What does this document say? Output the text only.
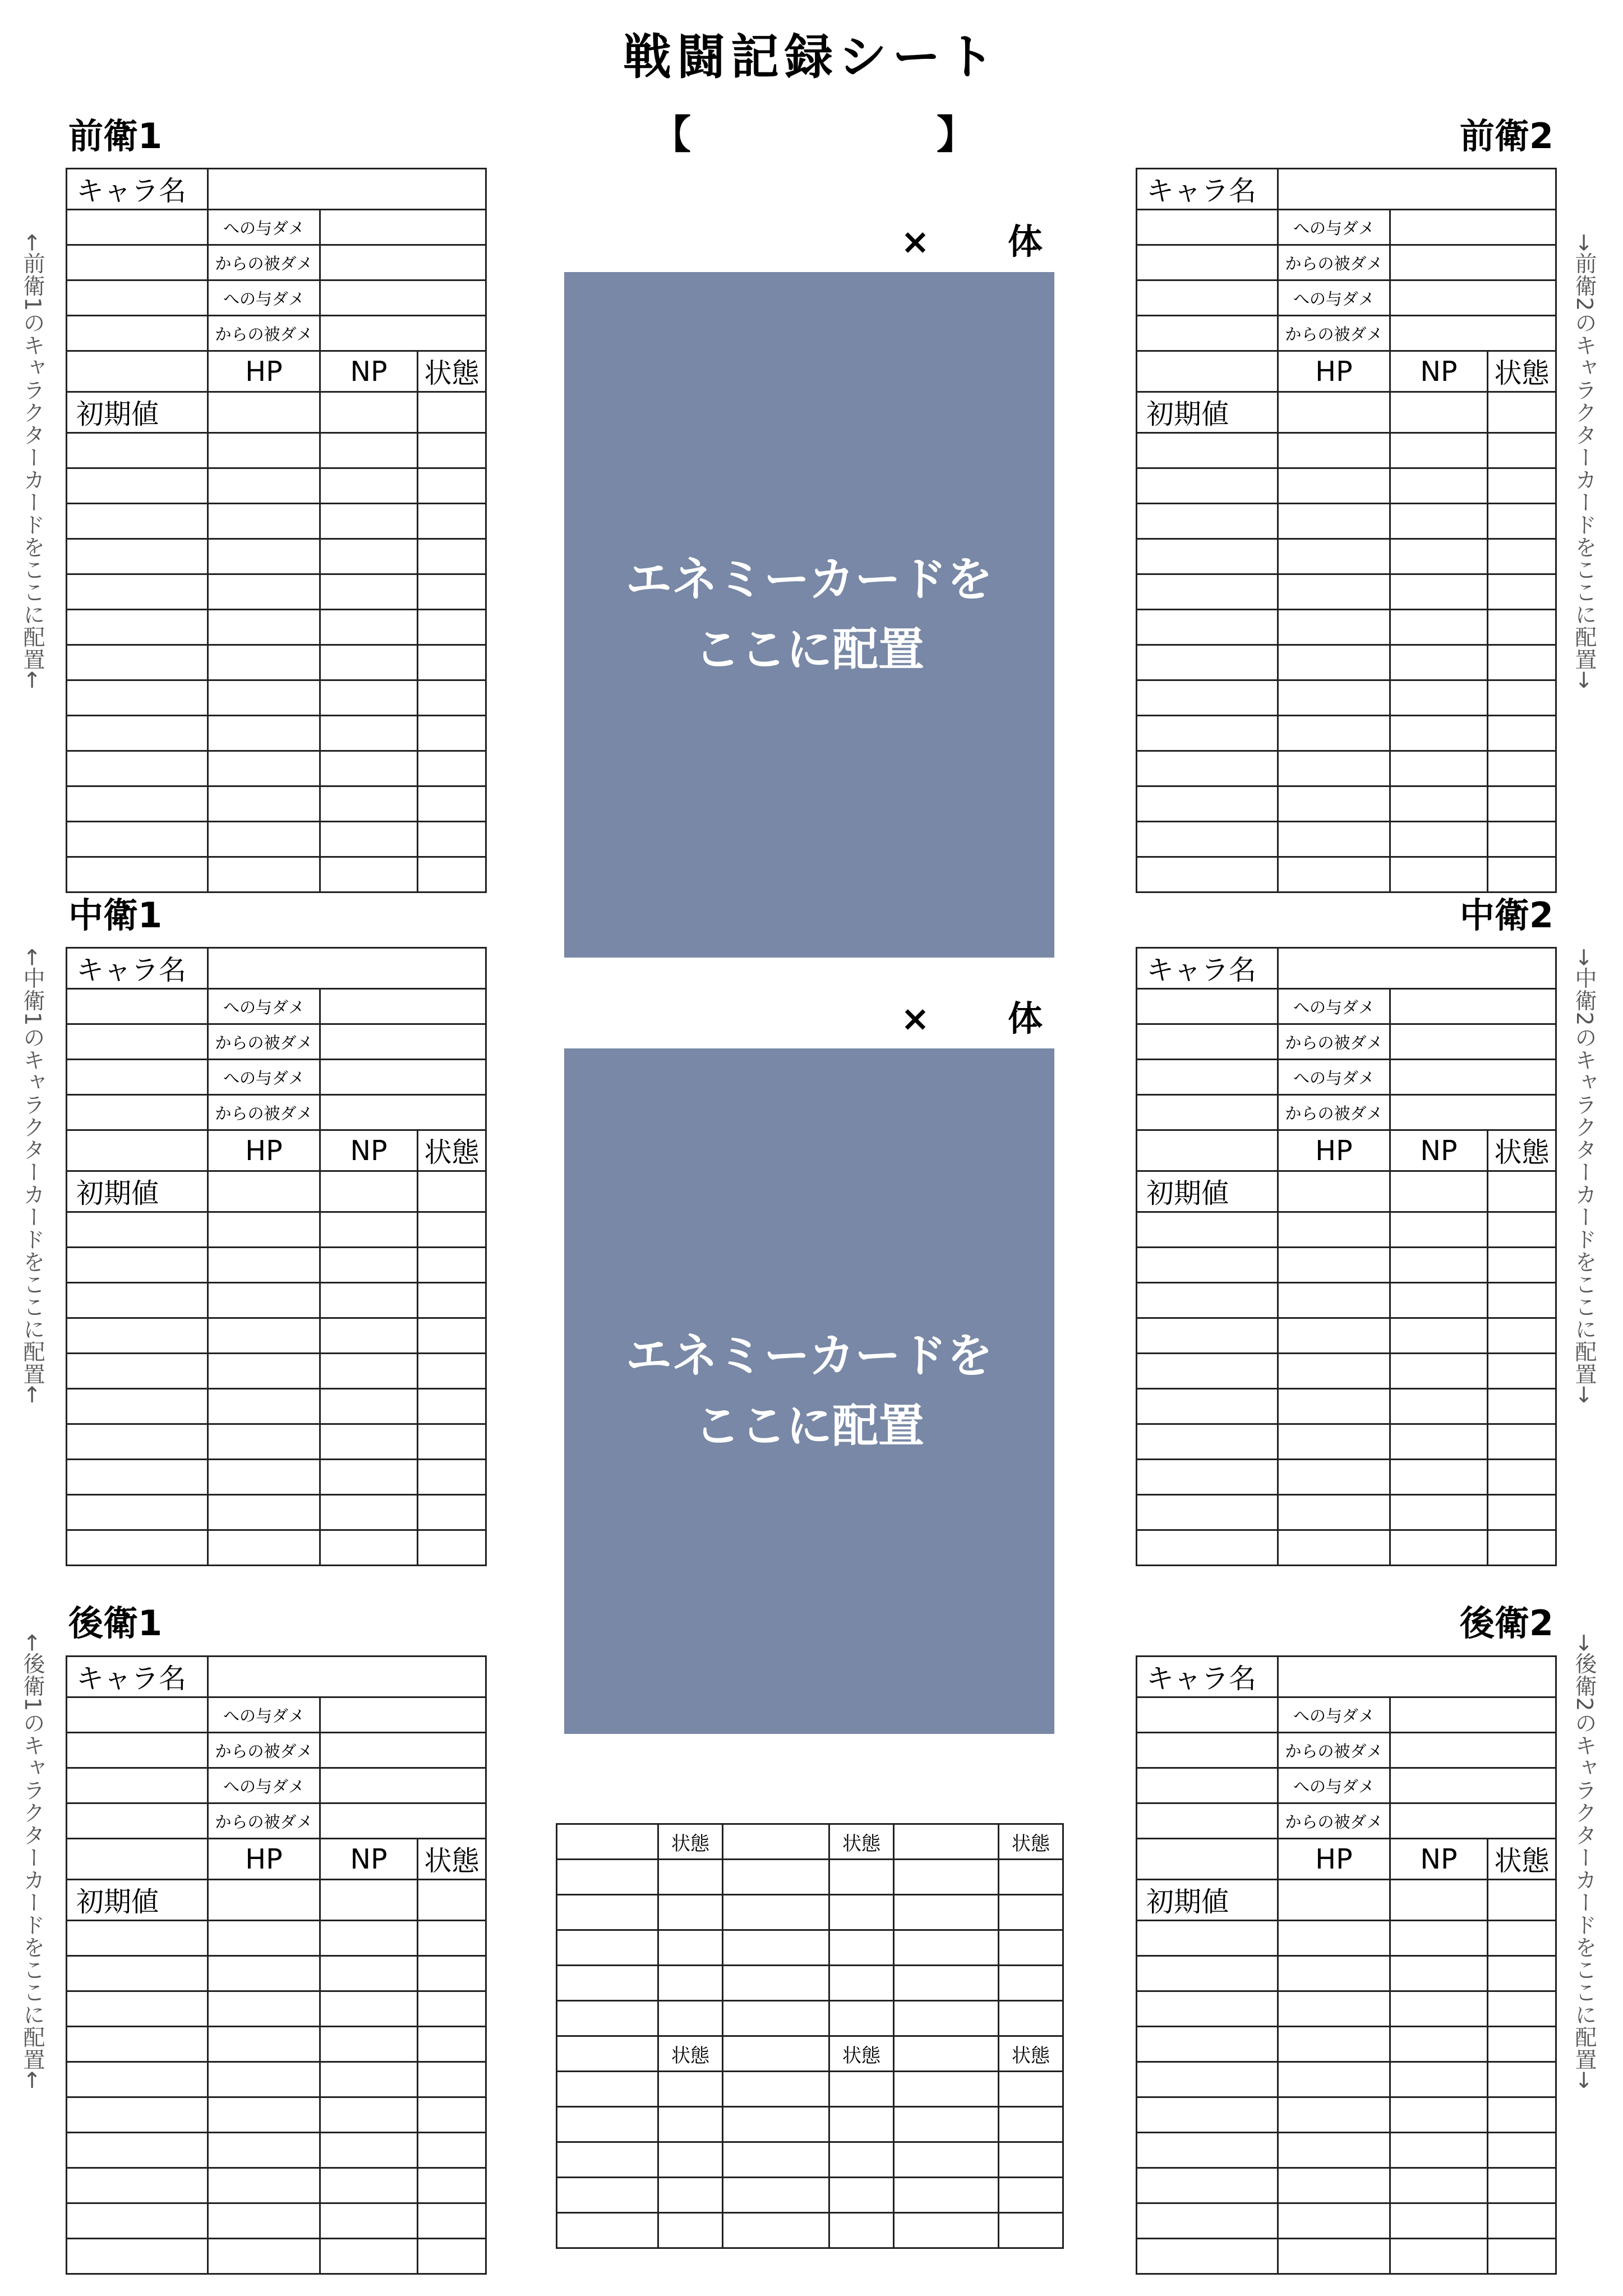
戦闘記録シート
【	】
前衛1	前衛2
中衛1	中衛2
後衛1	後衛2
× 体
× 体
エネミーカードを
ここに配置
エネミーカードを
ここに配置
←前衛1のキャラクターカードをここに配置←	→前衛2のキャラクターカードをここに配置→
←中衛1のキャラクターカードをここに配置←	→中衛2のキャラクターカードをここに配置→
←後衛1のキャラクターカードをここに配置←	→後衛2のキャラクターカードをここに配置→
キャラ名			
	への与ダメ		
	からの被ダメ		
	への与ダメ		
	からの被ダメ		
	HP	NP	状態
初期値			

キャラ名			
	への与ダメ		
	からの被ダメ		
	への与ダメ		
	からの被ダメ		
	HP	NP	状態
初期値			

キャラ名			
	への与ダメ		
	からの被ダメ		
	への与ダメ		
	からの被ダメ		
	HP	NP	状態
初期値			

キャラ名			
	への与ダメ		
	からの被ダメ		
	への与ダメ		
	からの被ダメ		
	HP	NP	状態
初期値			

キャラ名			
	への与ダメ		
	からの被ダメ		
	への与ダメ		
	からの被ダメ		
	HP	NP	状態
初期値			

キャラ名			
	への与ダメ		
	からの被ダメ		
	への与ダメ		
	からの被ダメ		
	HP	NP	状態
初期値			

	状態		状態		状態

	状態		状態		状態
